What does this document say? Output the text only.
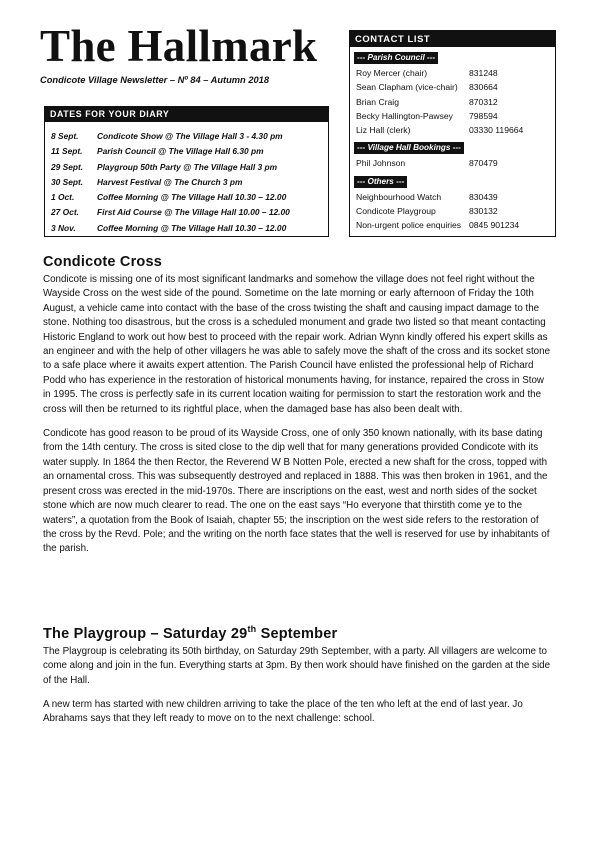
The Hallmark
Condicote Village Newsletter – Nº 84 – Autumn 2018
DATES FOR YOUR DIARY
8 Sept.	Condicote Show @ The Village Hall 3 - 4.30 pm
11 Sept.	Parish Council @ The Village Hall 6.30 pm
29 Sept.	Playgroup 50th Party @ The Village Hall 3 pm
30 Sept.	Harvest Festival @ The Church 3 pm
1 Oct.	Coffee Morning @ The Village Hall 10.30 – 12.00
27 Oct.	First Aid Course @ The Village Hall 10.00 – 12.00
3 Nov.	Coffee Morning @ The Village Hall 10.30 – 12.00
CONTACT LIST
--- Parish Council ---
Roy Mercer (chair)	831248
Sean Clapham (vice-chair)	830664
Brian Craig	870312
Becky Hallington-Pawsey	798594
Liz Hall (clerk)	03330 119664
--- Village Hall Bookings ---
Phil Johnson	870479
--- Others ---
Neighbourhood Watch	830439
Condicote Playgroup	830132
Non-urgent police enquiries 0845 901234
Condicote Cross

Condicote is missing one of its most significant landmarks and somehow the village does not feel right without the Wayside Cross on the west side of the pound. Sometime on the late morning or early afternoon of Friday the 10th August, a vehicle came into contact with the base of the cross twisting the shaft and causing impact damage to the stone. Nothing too disastrous, but the cross is a scheduled monument and grade two listed so that meant contacting Historic England to work out how best to proceed with the repair work. Adrian Wynn kindly offered his expert skills as an engineer and with the help of other villagers he was able to safely move the shaft of the cross and its socket stone to a safe place where it awaits expert attention. The Parish Council have enlisted the professional help of Richard Podd who has experience in the restoration of historical monuments having, for instance, repaired the cross in Stow in 1995. The cross is perfectly safe in its current location waiting for permission to start the restoration work and the cross will then be returned to its rightful place, when the damaged base has also been dealt with.

Condicote has good reason to be proud of its Wayside Cross, one of only 350 known nationally, with its base dating from the 14th century. The cross is sited close to the dip well that for many generations provided Condicote with its water supply. In 1864 the then Rector, the Reverend W B Notten Pole, erected a new shaft for the cross, topped with an ornamental cross. This was subsequently destroyed and replaced in 1888. This was then broken in 1961, and the present cross was erected in the mid-1970s. There are inscriptions on the east, west and north sides of the socket stone which are now much clearer to read. The one on the east says “Ho everyone that thirstith come ye to the waters”, a quotation from the Book of Isaiah, chapter 55; the inscription on the west side refers to the restoration of the cross by the Revd. Pole; and the writing on the north face states that the well is reserved for use by inhabitants of the parish.

The Playgroup – Saturday 29th September

The Playgroup is celebrating its 50th birthday, on Saturday 29th September, with a party. All villagers are welcome to come along and join in the fun. Everything starts at 3pm. By then work should have finished on the garden at the side of the Hall.

A new term has started with new children arriving to take the place of the ten who left at the end of last year. Jo Abrahams says that they left ready to move on to the next challenge: school.
